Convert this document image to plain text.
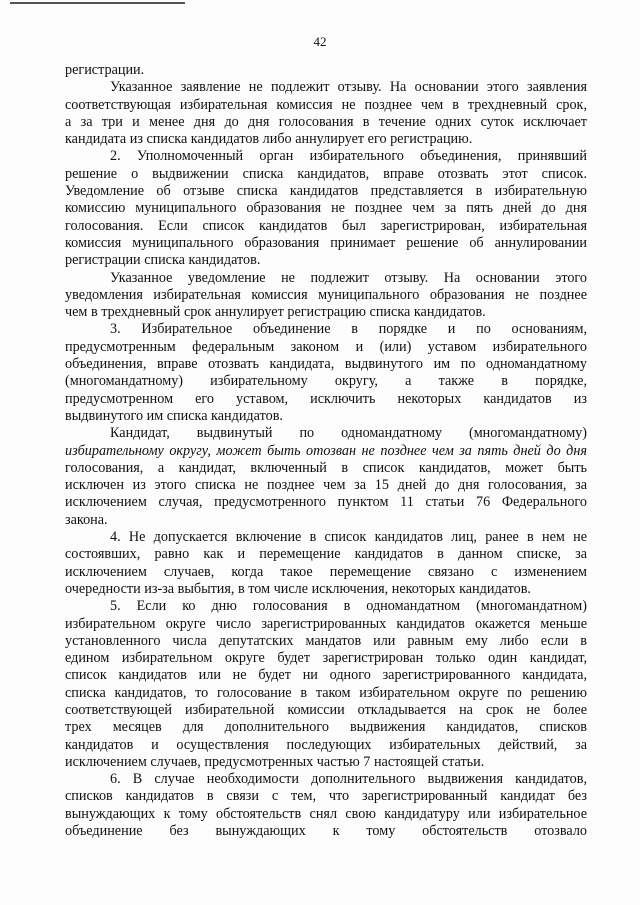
42
регистрации.
Указанное заявление не подлежит отзыву. На основании этого заявления
соответствующая избирательная комиссия не позднее чем в трехдневный срок,
а за три и менее дня до дня голосования в течение одних суток исключает
кандидата из списка кандидатов либо аннулирует его регистрацию.
2. Уполномоченный орган избирательного объединения, принявший
решение о выдвижении списка кандидатов, вправе отозвать этот список.
Уведомление об отзыве списка кандидатов представляется в избирательную
комиссию муниципального образования не позднее чем за пять дней до дня
голосования. Если список кандидатов был зарегистрирован, избирательная
комиссия муниципального образования принимает решение об аннулировании
регистрации списка кандидатов.
Указанное уведомление не подлежит отзыву. На основании этого
уведомления избирательная комиссия муниципального образования не позднее
чем в трехдневный срок аннулирует регистрацию списка кандидатов.
3. Избирательное объединение в порядке и по основаниям,
предусмотренным федеральным законом и (или) уставом избирательного
объединения, вправе отозвать кандидата, выдвинутого им по одномандатному
(многомандатному) избирательному округу, а также в порядке,
предусмотренном его уставом, исключить некоторых кандидатов из
выдвинутого им списка кандидатов.
Кандидат, выдвинутый по одномандатному (многомандатному)
избирательному округу, может быть отозван не позднее чем за пять дней до дня
голосования, а кандидат, включенный в список кандидатов, может быть
исключен из этого списка не позднее чем за 15 дней до дня голосования, за
исключением случая, предусмотренного пунктом 11 статьи 76 Федерального
закона.
4. Не допускается включение в список кандидатов лиц, ранее в нем не
состоявших, равно как и перемещение кандидатов в данном списке, за
исключением случаев, когда такое перемещение связано с изменением
очередности из-за выбытия, в том числе исключения, некоторых кандидатов.
5. Если ко дню голосования в одномандатном (многомандатном)
избирательном округе число зарегистрированных кандидатов окажется меньше
установленного числа депутатских мандатов или равным ему либо если в
едином избирательном округе будет зарегистрирован только один кандидат,
список кандидатов или не будет ни одного зарегистрированного кандидата,
списка кандидатов, то голосование в таком избирательном округе по решению
соответствующей избирательной комиссии откладывается на срок не более
трех месяцев для дополнительного выдвижения кандидатов, списков
кандидатов и осуществления последующих избирательных действий, за
исключением случаев, предусмотренных частью 7 настоящей статьи.
6. В случае необходимости дополнительного выдвижения кандидатов,
списков кандидатов в связи с тем, что зарегистрированный кандидат без
вынуждающих к тому обстоятельств снял свою кандидатуру или избирательное
объединение без вынуждающих к тому обстоятельств отозвало
